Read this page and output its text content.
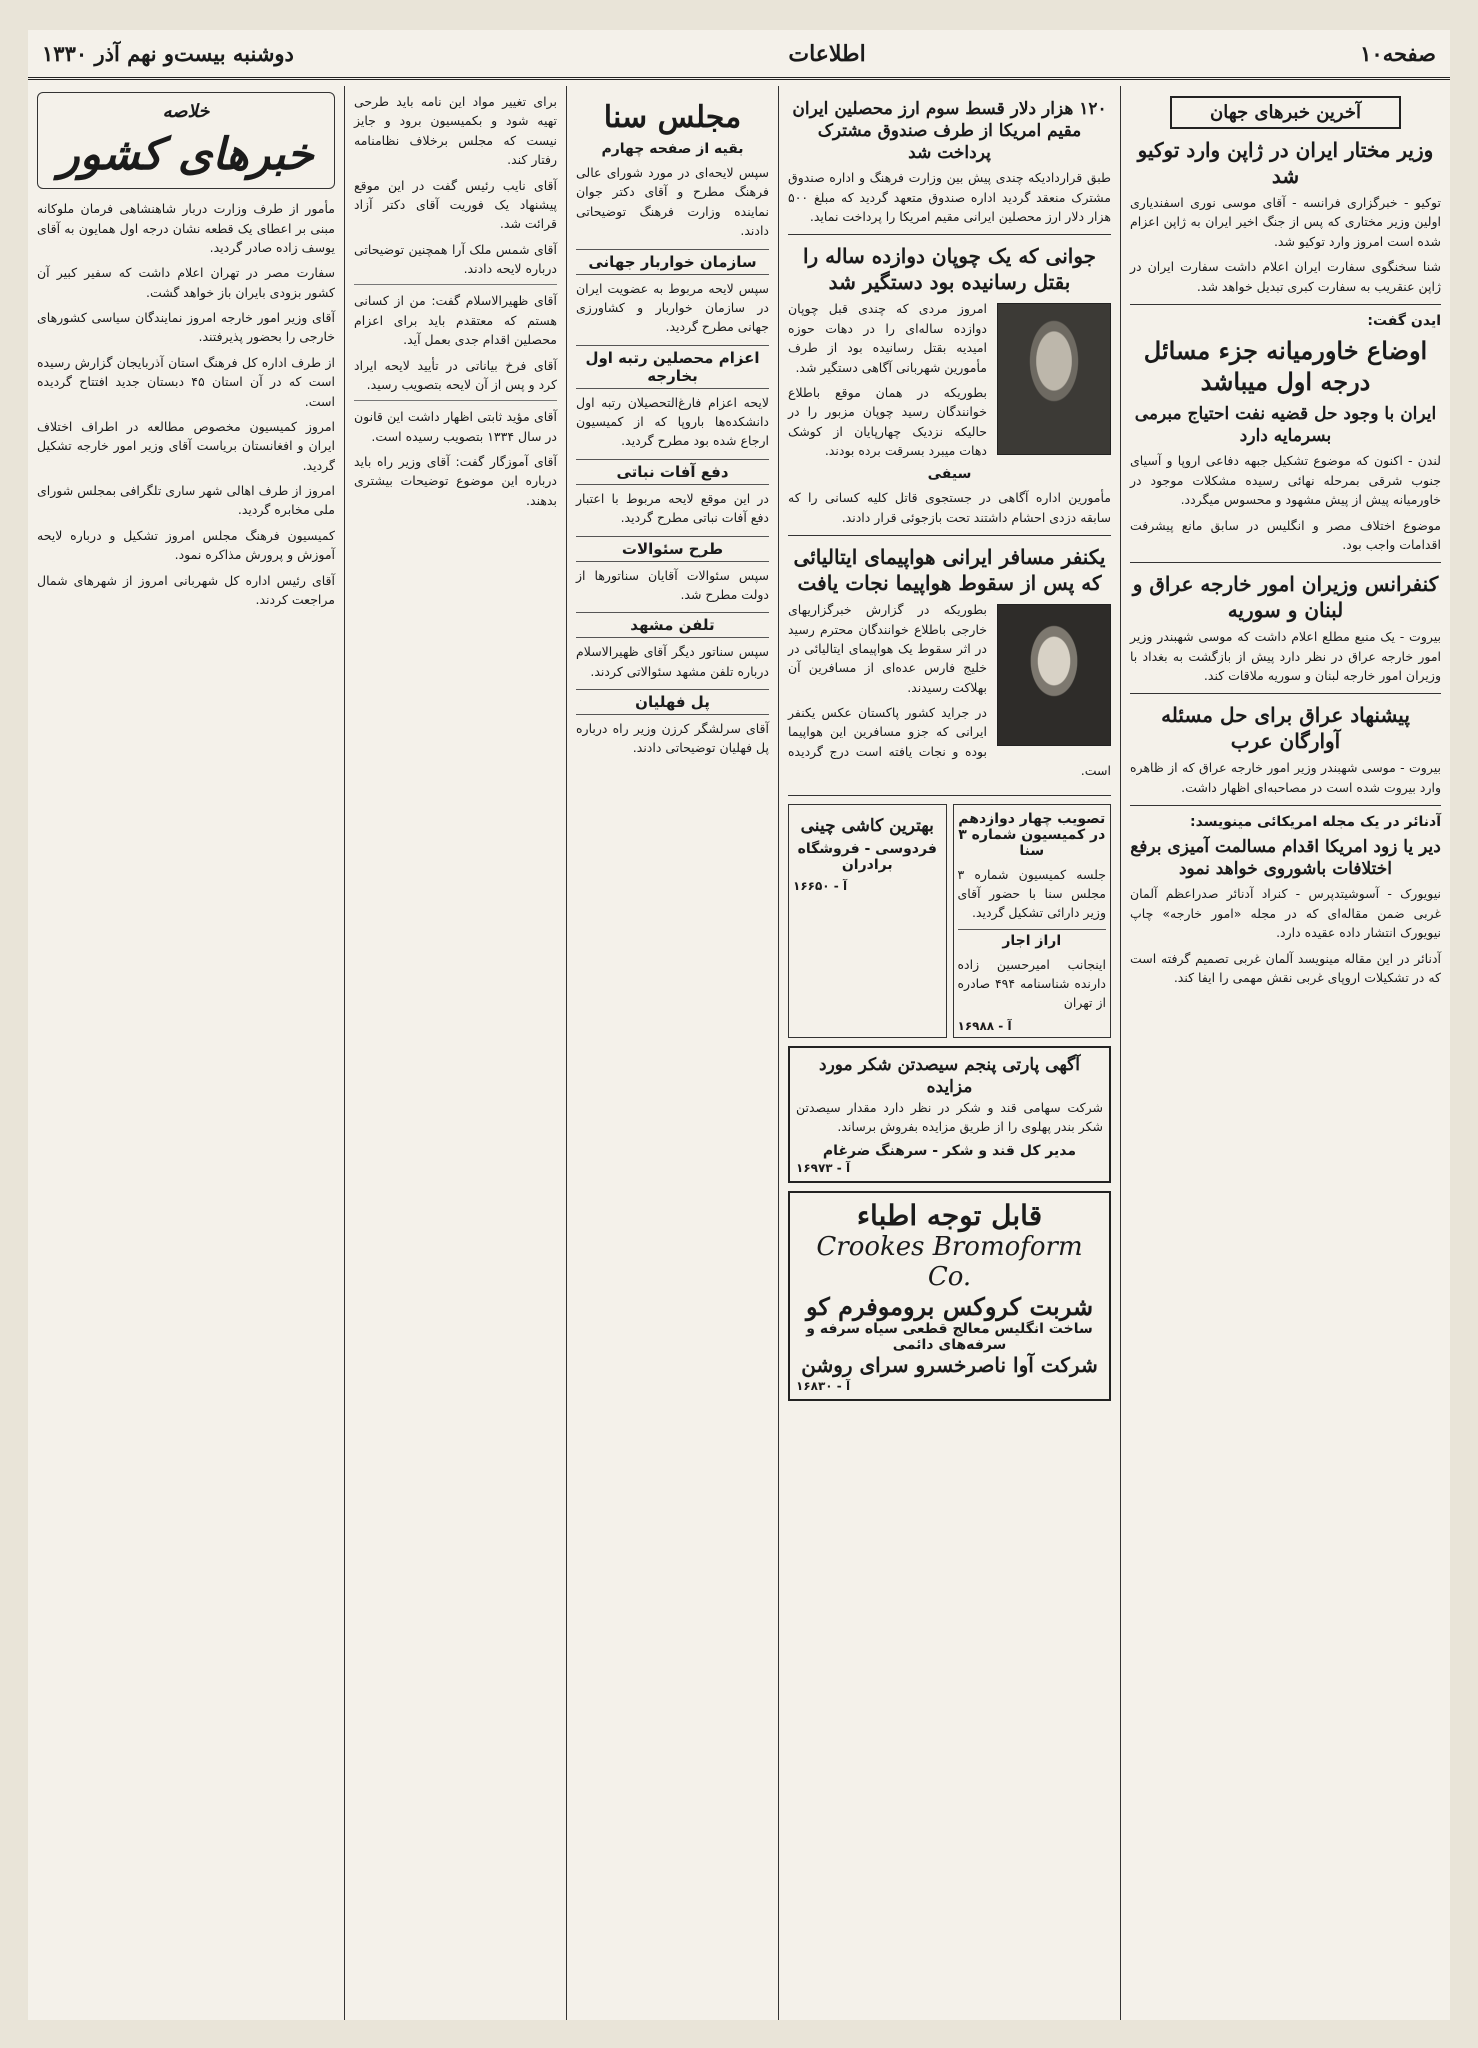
صفحه۱۰
اطلاعات
دوشنبه بیست‌و نهم آذر ۱۳۳۰
آخرین خبرهای جهان
وزیر مختار ایران در ژاپن وارد توکیو شد

توکیو - خبرگزاری فرانسه - آقای موسی نوری اسفندیاری اولین وزیر مختاری که پس از جنگ اخیر ایران به ژاپن اعزام شده است امروز وارد توکیو شد.

شنا سخنگوی سفارت ایران اعلام داشت سفارت ایران در ژاپن عنقریب به سفارت کبری تبدیل خواهد شد.

ایدن گفت:
اوضاع خاورمیانه جزء مسائل درجه اول میباشد
ایران با وجود حل قضیه نفت احتیاج مبرمی بسرمایه دارد

لندن - اکنون که موضوع تشکیل جبهه دفاعی اروپا و آسیای جنوب شرقی بمرحله نهائی رسیده مشکلات موجود در خاورمیانه پیش از پیش مشهود و محسوس میگردد.

موضوع اختلاف مصر و انگلیس در سابق مانع پیشرفت اقدامات واجب بود.

کنفرانس وزیران امور خارجه عراق و لبنان و سوریه

بیروت - یک منبع مطلع اعلام داشت که موسی شهبندر وزیر امور خارجه عراق در نظر دارد پیش از بازگشت به بغداد با وزیران امور خارجه لبنان و سوریه ملاقات کند.

پیشنهاد عراق برای حل مسئله آوارگان عرب

بیروت - موسی شهبندر وزیر امور خارجه عراق که از ظاهره وارد بیروت شده است در مصاحبه‌ای اظهار داشت.

آدنائر در یک مجله امریکائی مینویسد:
دیر یا زود امریکا اقدام مسالمت آمیزی برفع اختلافات باشوروی خواهد نمود

نیویورک - آسوشیتدپرس - کنراد آدنائر صدراعظم آلمان غربی ضمن مقاله‌ای که در مجله «امور خارجه» چاپ نیویورک انتشار داده عقیده دارد.

آدنائر در این مقاله مینویسد آلمان غربی تصمیم گرفته است که در تشکیلات اروپای غربی نقش مهمی را ایفا کند.

۱۲۰ هزار دلار قسط سوم ارز محصلین ایران مقیم امریکا از طرف صندوق مشترک پرداخت شد

طبق قراردادیکه چندی پیش بین وزارت فرهنگ و اداره صندوق مشترک منعقد گردید اداره صندوق متعهد گردید که مبلغ ۵۰۰ هزار دلار ارز محصلین ایرانی مقیم امریکا را پرداخت نماید.

جوانی که یک چوپان دوازده ساله را بقتل رسانیده بود دستگیر شد

امروز مردی که چندی قبل چوپان دوازده ساله‌ای را در دهات حوزه امیدیه بقتل رسانیده بود از طرف مأمورین شهربانی آگاهی دستگیر شد.

بطوریکه در همان موقع باطلاع خوانندگان رسید چوپان مزبور را در حالیکه نزدیک چهارپایان از کوشک دهات میبرد بسرقت برده بودند.

سیفی

مأمورین اداره آگاهی در جستجوی قاتل کلیه کسانی را که سابقه دزدی احشام داشتند تحت بازجوئی قرار دادند.

یکنفر مسافر ایرانی هواپیمای ایتالیائی که پس از سقوط هواپیما نجات یافت

بطوریکه در گزارش خبرگزاریهای خارجی باطلاع خوانندگان محترم رسید در اثر سقوط یک هواپیمای ایتالیائی در خلیج فارس عده‌ای از مسافرین آن بهلاکت رسیدند.

در جراید کشور پاکستان عکس یکنفر ایرانی که جزو مسافرین این هواپیما بوده و نجات یافته است درج گردیده است.

تصویب چهار دوازدهم در کمیسیون شماره ۳ سنا

جلسه کمیسیون شماره ۳ مجلس سنا با حضور آقای وزیر دارائی تشکیل گردید.

اراز اجار

اینجانب امیرحسین زاده دارنده شناسنامه ۴۹۴ صادره از تهران

آ - ۱۶۹۸۸
بهترین کاشی چینی
فردوسی - فروشگاه برادران
آ - ۱۶۶۵۰
آگهی پارتی پنجم سیصدتن شکر مورد مزایده

شرکت سهامی قند و شکر در نظر دارد مقدار سیصدتن شکر بندر پهلوی را از طریق مزایده بفروش برساند.

مدیر کل قند و شکر - سرهنگ ضرغام
آ - ۱۶۹۷۳
قابل توجه اطباء
Crookes Bromoform Co.
شربت کروکس بروموفرم کو
ساخت انگلیس معالج قطعی سیاه سرفه و سرفه‌های دائمی
شرکت آوا ناصرخسرو سرای روشن
آ - ۱۶۸۳۰
مجلس سنا
بقیه از صفحه چهارم

سپس لایحه‌ای در مورد شورای عالی فرهنگ مطرح و آقای دکتر جوان نماینده وزارت فرهنگ توضیحاتی دادند.

سازمان خواربار جهانی

سپس لایحه مربوط به عضویت ایران در سازمان خواربار و کشاورزی جهانی مطرح گردید.

اعزام محصلین رتبه اول بخارجه

لایحه اعزام فارغ‌التحصیلان رتبه اول دانشکده‌ها باروپا که از کمیسیون ارجاع شده بود مطرح گردید.

دفع آفات نباتی

در این موقع لایحه مربوط با اعتبار دفع آفات نباتی مطرح گردید.

طرح سئوالات

سپس سئوالات آقایان سناتورها از دولت مطرح شد.

تلفن مشهد

سپس سناتور دیگر آقای ظهیرالاسلام درباره تلفن مشهد سئوالاتی کردند.

پل فهلیان

آقای سرلشگر کرزن وزیر راه درباره پل فهلیان توضیحاتی دادند.

برای تغییر مواد این نامه باید طرحی تهیه شود و بکمیسیون برود و جایز نیست که مجلس برخلاف نظامنامه رفتار کند.

آقای نایب رئیس گفت در این موقع پیشنهاد یک فوریت آقای دکتر آزاد قرائت شد.

آقای شمس ملک آرا همچنین توضیحاتی درباره لایحه دادند.

آقای ظهیرالاسلام گفت: من از کسانی هستم که معتقدم باید برای اعزام محصلین اقدام جدی بعمل آید.

آقای فرخ بیاناتی در تأیید لایحه ایراد کرد و پس از آن لایحه بتصویب رسید.

آقای مؤید ثابتی اظهار داشت این قانون در سال ۱۳۳۴ بتصویب رسیده است.

آقای آموزگار گفت: آقای وزیر راه باید درباره این موضوع توضیحات بیشتری بدهند.

خلاصه
خبرهای کشور

مأمور از طرف وزارت دربار شاهنشاهی فرمان ملوکانه مبنی بر اعطای یک قطعه نشان درجه اول همایون به آقای یوسف زاده صادر گردید.

سفارت مصر در تهران اعلام داشت که سفیر کبیر آن کشور بزودی بایران باز خواهد گشت.

آقای وزیر امور خارجه امروز نمایندگان سیاسی کشورهای خارجی را بحضور پذیرفتند.

از طرف اداره کل فرهنگ استان آذربایجان گزارش رسیده است که در آن استان ۴۵ دبستان جدید افتتاح گردیده است.

امروز کمیسیون مخصوص مطالعه در اطراف اختلاف ایران و افغانستان بریاست آقای وزیر امور خارجه تشکیل گردید.

امروز از طرف اهالی شهر ساری تلگرافی بمجلس شورای ملی مخابره گردید.

کمیسیون فرهنگ مجلس امروز تشکیل و درباره لایحه آموزش و پرورش مذاکره نمود.

آقای رئیس اداره کل شهربانی امروز از شهرهای شمال مراجعت کردند.
